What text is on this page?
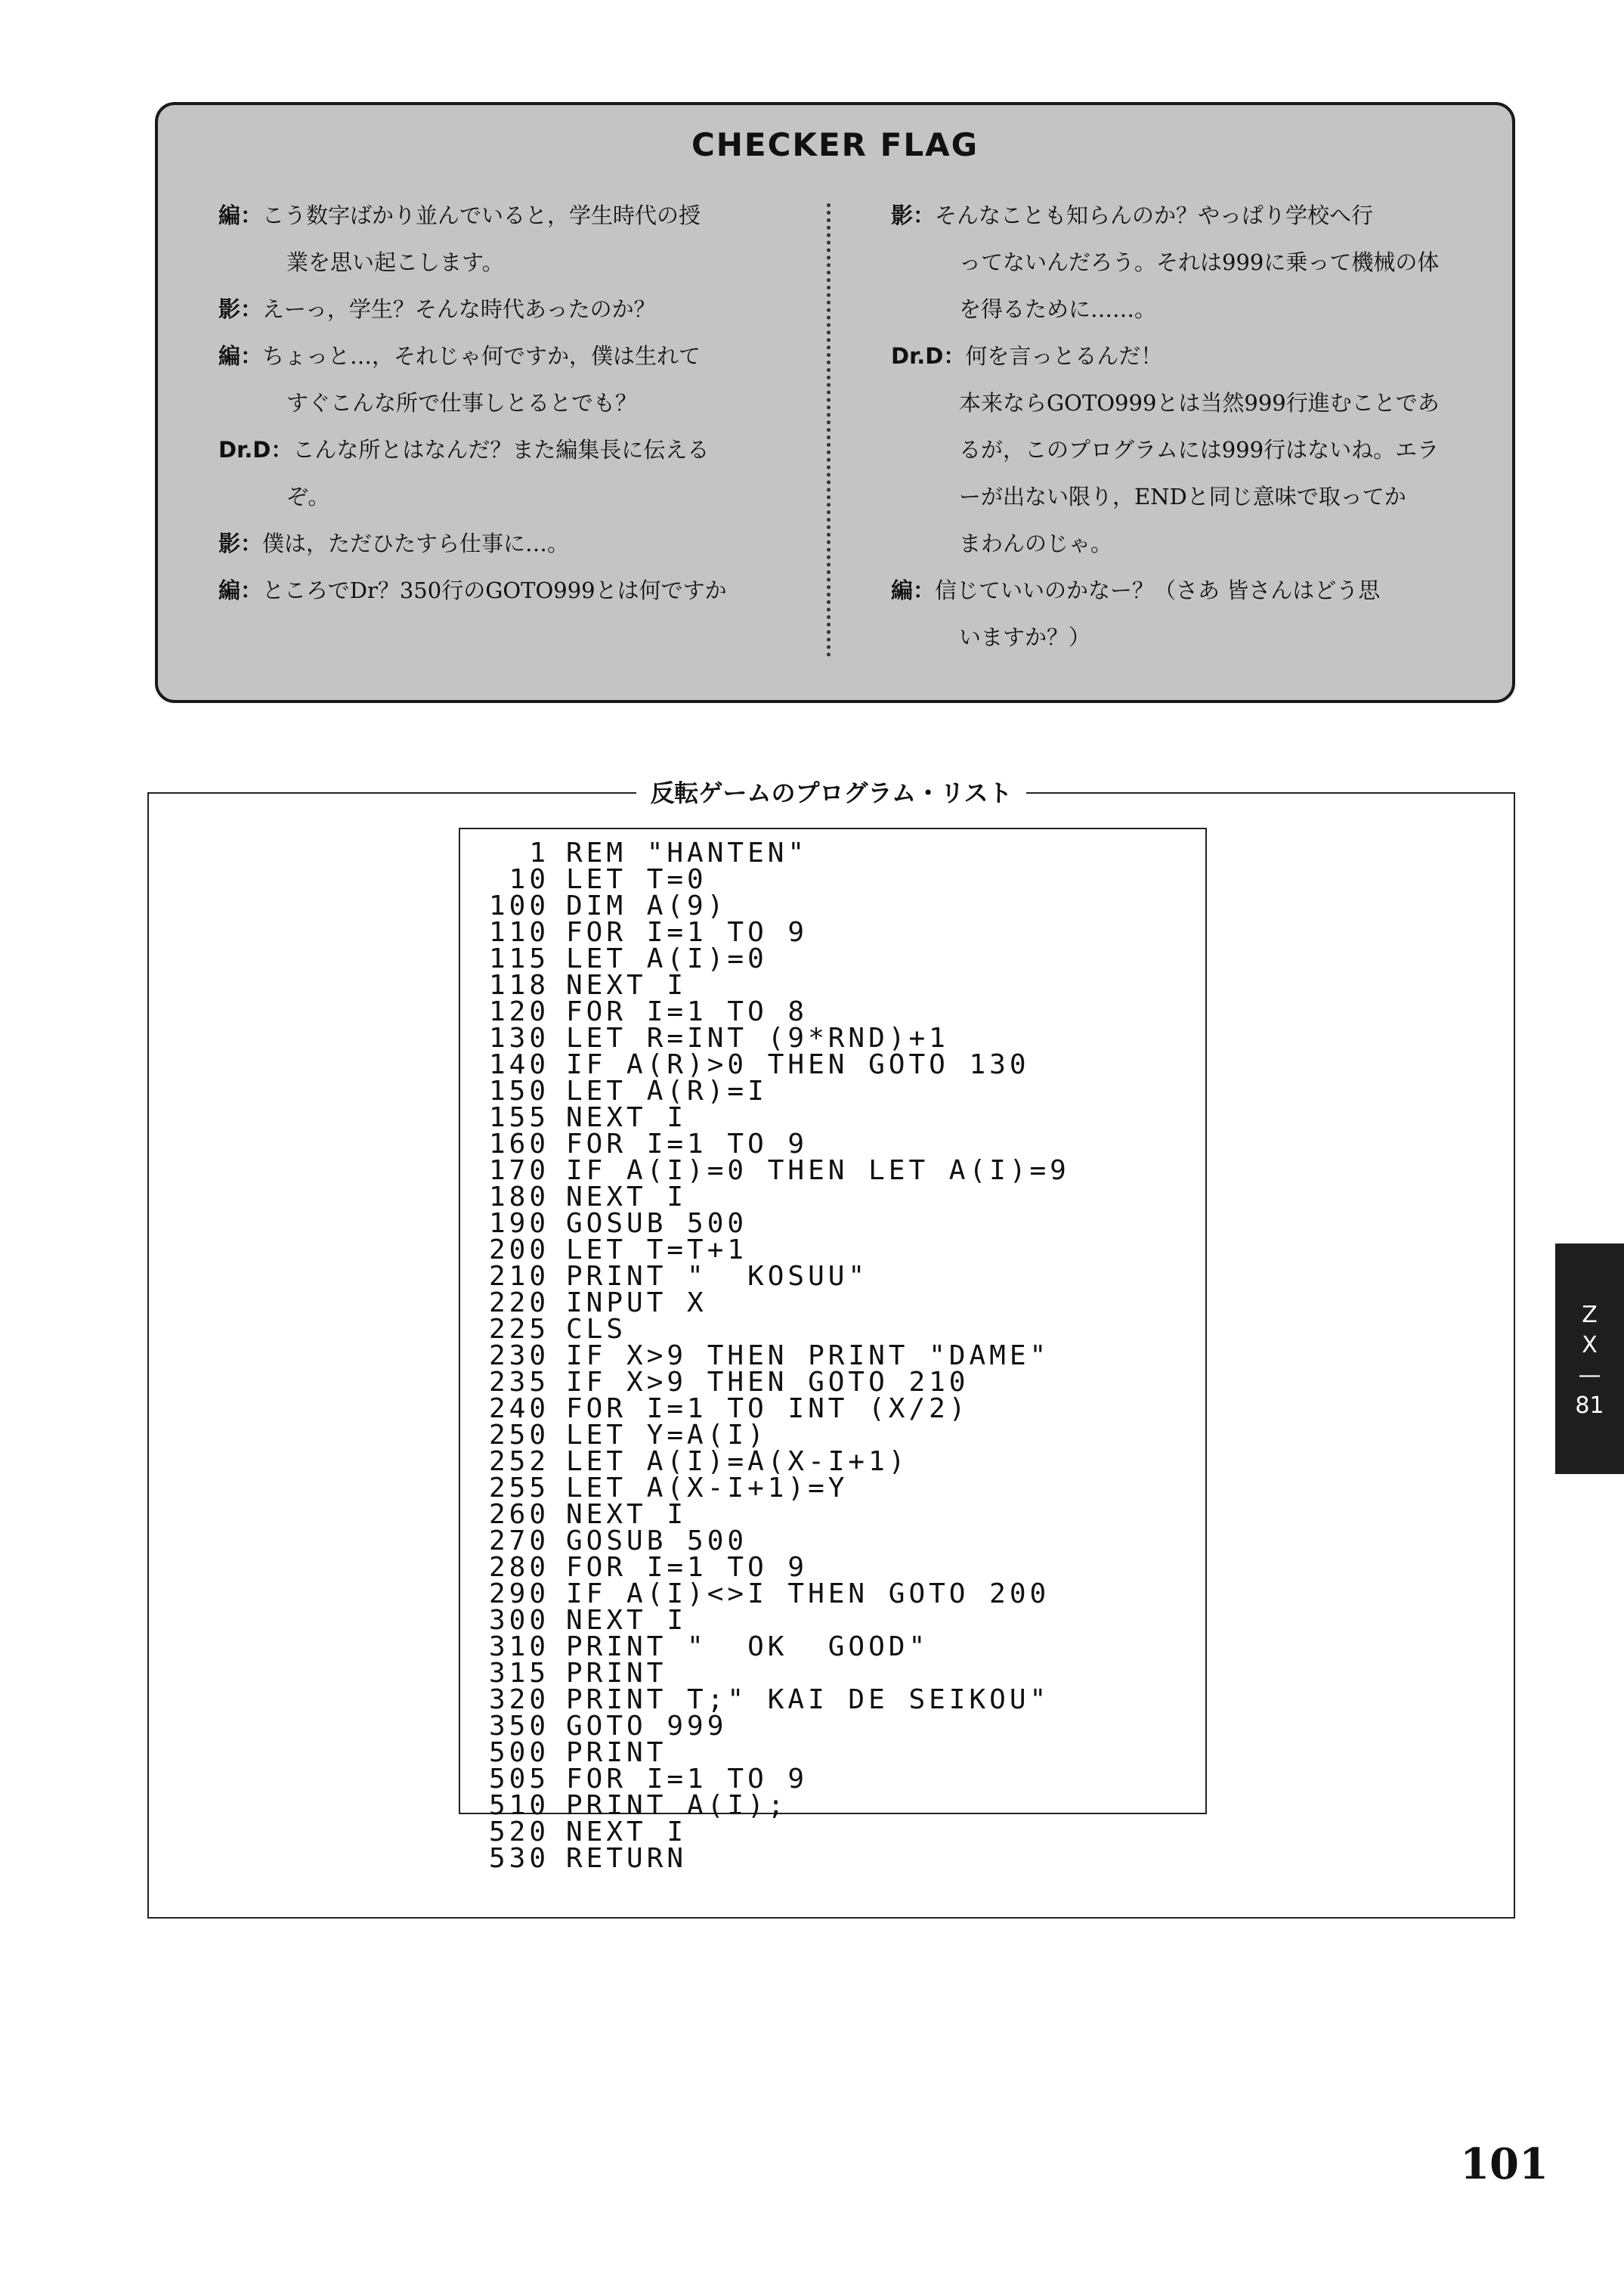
CHECKER FLAG
編：こう数字ばかり並んでいると，学生時代の授
業を思い起こします。
影：えーっ，学生？そんな時代あったのか？
編：ちょっと…，それじゃ何ですか，僕は生れて
すぐこんな所で仕事しとるとでも？
Dr.D：こんな所とはなんだ？また編集長に伝える
ぞ。
影：僕は，ただひたすら仕事に…。
編：ところでDr？350行のGOTO999とは何ですか
影：そんなことも知らんのか？やっぱり学校へ行
ってないんだろう。それは999に乗って機械の体
を得るために……。
Dr.D：何を言っとるんだ！
本来ならGOTO999とは当然999行進むことであ
るが，このプログラムには999行はないね。エラ
ーが出ない限り，ENDと同じ意味で取ってか
まわんのじゃ。
編：信じていいのかなー？（さあ 皆さんはどう思
いますか？）
反転ゲームのプログラム・リスト
1 REM "HANTEN"
10 LET T=0
100 DIM A(9)
110 FOR I=1 TO 9
115 LET A(I)=0
118 NEXT I
120 FOR I=1 TO 8
130 LET R=INT (9*RND)+1
140 IF A(R)>0 THEN GOTO 130
150 LET A(R)=I
155 NEXT I
160 FOR I=1 TO 9
170 IF A(I)=0 THEN LET A(I)=9
180 NEXT I
190 GOSUB 500
200 LET T=T+1
210 PRINT "  KOSUU"
220 INPUT X
225 CLS
230 IF X>9 THEN PRINT "DAME"
235 IF X>9 THEN GOTO 210
240 FOR I=1 TO INT (X/2)
250 LET Y=A(I)
252 LET A(I)=A(X-I+1)
255 LET A(X-I+1)=Y
260 NEXT I
270 GOSUB 500
280 FOR I=1 TO 9
290 IF A(I)<>I THEN GOTO 200
300 NEXT I
310 PRINT "  OK  GOOD"
315 PRINT
320 PRINT T;" KAI DE SEIKOU"
350 GOTO 999
500 PRINT
505 FOR I=1 TO 9
510 PRINT A(I);
520 NEXT I
530 RETURN
Z
X
—
81
101
